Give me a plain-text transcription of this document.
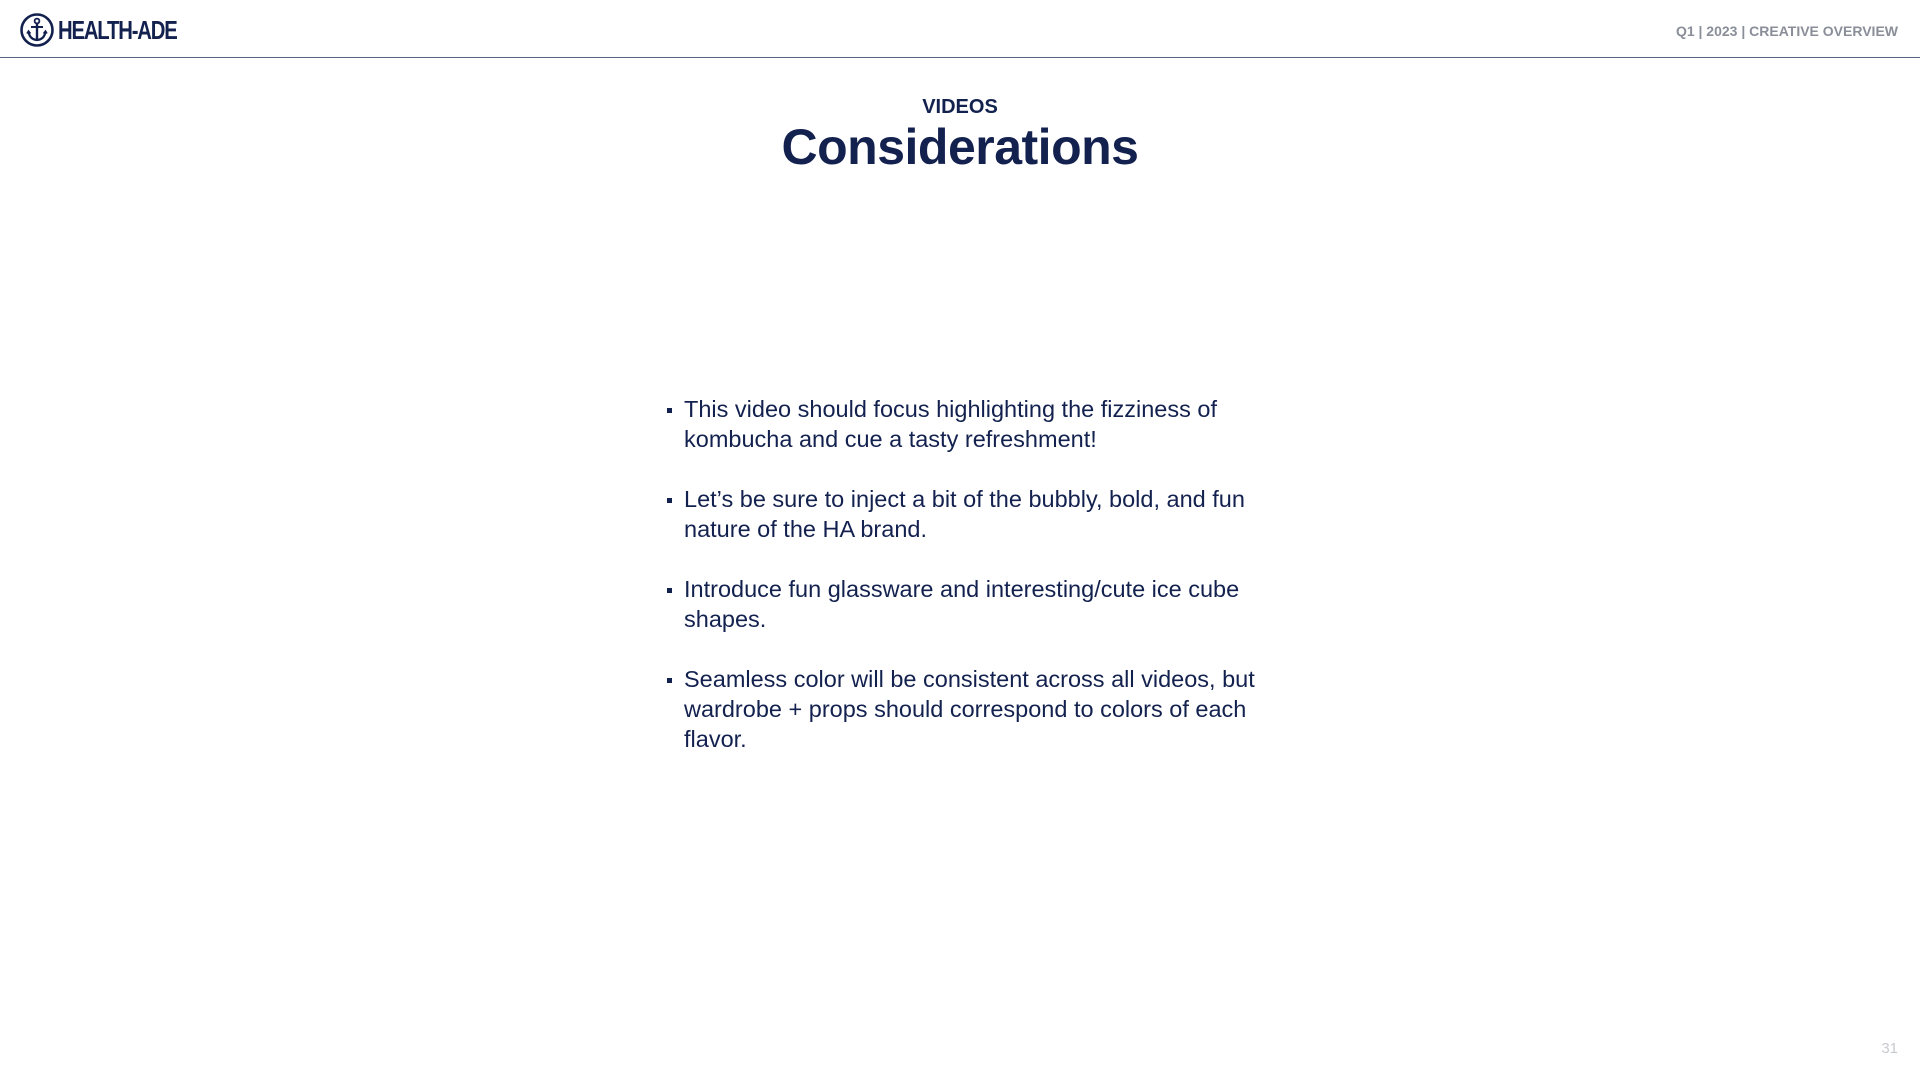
HEALTH-ADE	Q1 | 2023 | CREATIVE OVERVIEW
VIDEOS
Considerations
This video should focus highlighting the fizziness of kombucha and cue a tasty refreshment!
Let’s be sure to inject a bit of the bubbly, bold, and fun nature of the HA brand.
Introduce fun glassware and interesting/cute ice cube shapes.
Seamless color will be consistent across all videos, but wardrobe + props should correspond to colors of each flavor.
31
